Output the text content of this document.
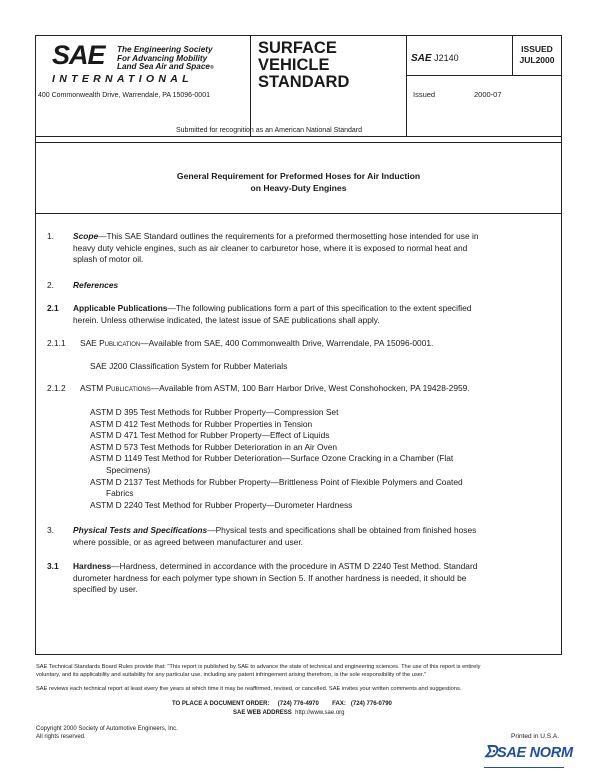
SAE The Engineering Society
For Advancing Mobility
Land Sea Air and Space®
INTERNATIONAL
400 Commonwealth Drive, Warrendale, PA 15096-0001
SURFACE
VEHICLE
STANDARD
SAE J2140
ISSUED
JUL2000
Issued	2000-07
Submitted for recognition as an American National Standard
General Requirement for Preformed Hoses for Air Induction
on Heavy-Duty Engines
1. Scope—This SAE Standard outlines the requirements for a preformed thermosetting hose intended for use in
heavy duty vehicle engines, such as air cleaner to carburetor hose, where it is exposed to normal heat and
splash of motor oil.
2. References
2.1 Applicable Publications—The following publications form a part of this specification to the extent specified
herein. Unless otherwise indicated, the latest issue of SAE publications shall apply.
2.1.1 SAE Publication—Available from SAE, 400 Commonwealth Drive, Warrendale, PA 15096-0001.
SAE J200 Classification System for Rubber Materials
2.1.2 ASTM Publications—Available from ASTM, 100 Barr Harbor Drive, West Conshohocken, PA 19428-2959.
ASTM D 395 Test Methods for Rubber Property—Compression Set
ASTM D 412 Test Methods for Rubber Properties in Tension
ASTM D 471 Test Method for Rubber Property—Effect of Liquids
ASTM D 573 Test Methods for Rubber Deterioration in an Air Oven
ASTM D 1149 Test Method for Rubber Deterioration—Surface Ozone Cracking in a Chamber (Flat
Specimens)
ASTM D 2137 Test Methods for Rubber Property—Brittleness Point of Flexible Polymers and Coated
Fabrics
ASTM D 2240 Test Method for Rubber Property—Durometer Hardness
3. Physical Tests and Specifications—Physical tests and specifications shall be obtained from finished hoses
where possible, or as agreed between manufacturer and user.
3.1 Hardness—Hardness, determined in accordance with the procedure in ASTM D 2240 Test Method. Standard
durometer hardness for each polymer type shown in Section 5. If another hardness is needed, it should be
specified by user.
SAE Technical Standards Board Rules provide that: "This report is published by SAE to advance the state of technical and engineering sciences. The use of this report is entirely
voluntary, and its applicability and suitability for any particular use, including any patent infringement arising therefrom, is the sole responsibility of the user."
SAE reviews each technical report at least every five years at which time it may be reaffirmed, revised, or cancelled. SAE invites your written comments and suggestions.
TO PLACE A DOCUMENT ORDER: (724) 776-4970 FAX: (724) 776-0790
SAE WEB ADDRESS http://www.sae.org
Copyright 2000 Society of Automotive Engineers, Inc.
All rights reserved.	Printed in U.S.A.
ᗦSAE NORM
